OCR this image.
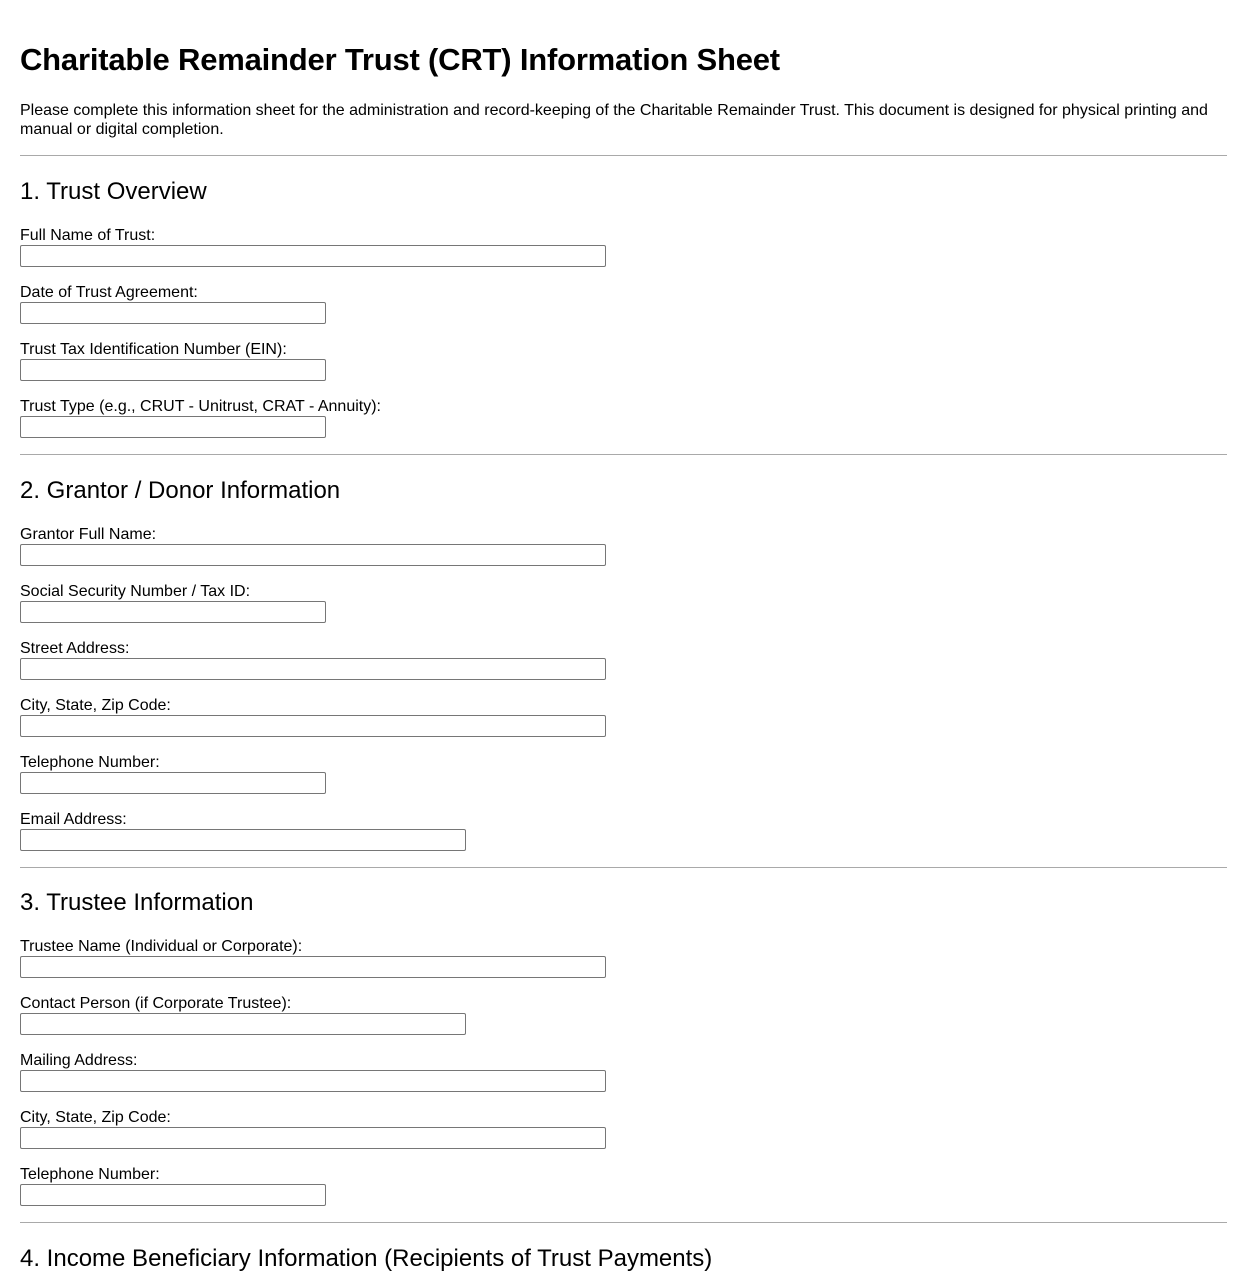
Charitable Remainder Trust (CRT) Information Sheet

Please complete this information sheet for the administration and record-keeping of the Charitable Remainder Trust. This document is designed for physical printing and manual or digital completion.

1. Trust Overview
Full Name of Trust:
Date of Trust Agreement:
Trust Tax Identification Number (EIN):
Trust Type (e.g., CRUT - Unitrust, CRAT - Annuity):
2. Grantor / Donor Information
Grantor Full Name:
Social Security Number / Tax ID:
Street Address:
City, State, Zip Code:
Telephone Number:
Email Address:
3. Trustee Information
Trustee Name (Individual or Corporate):
Contact Person (if Corporate Trustee):
Mailing Address:
City, State, Zip Code:
Telephone Number:
4. Income Beneficiary Information (Recipients of Trust Payments)
